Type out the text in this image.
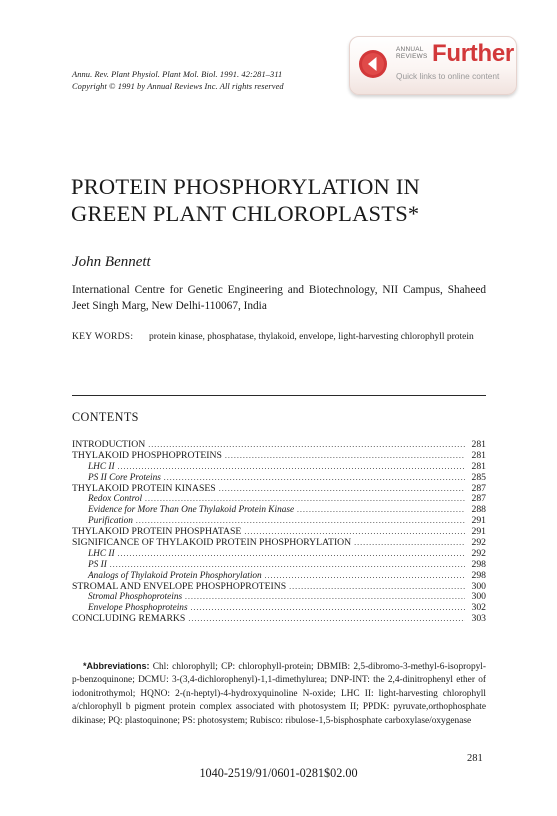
Annu. Rev. Plant Physiol. Plant Mol. Biol. 1991. 42:281–311
Copyright © 1991 by Annual Reviews Inc. All rights reserved
ANNUAL
REVIEWS Further
Quick links to online content
PROTEIN PHOSPHORYLATION IN
GREEN PLANT CHLOROPLASTS*
John Bennett
International Centre for Genetic Engineering and Biotechnology, NII Campus, Shaheed Jeet Singh Marg, New Delhi-110067, India
KEY WORDS: protein kinase, phosphatase, thylakoid, envelope, light-harvesting chlorophyll protein
CONTENTS
INTRODUCTION .....	281
THYLAKOID PHOSPHOPROTEINS .....	281
LHC II .....	281
PS II Core Proteins .....	285
THYLAKOID PROTEIN KINASES .....	287
Redox Control .....	287
Evidence for More Than One Thylakoid Protein Kinase .....	288
Purification .....	291
THYLAKOID PROTEIN PHOSPHATASE .....	291
SIGNIFICANCE OF THYLAKOID PROTEIN PHOSPHORYLATION .....	292
LHC II .....	292
PS II .....	298
Analogs of Thylakoid Protein Phosphorylation .....	298
STROMAL AND ENVELOPE PHOSPHOPROTEINS .....	300
Stromal Phosphoproteins .....	300
Envelope Phosphoproteins .....	302
CONCLUDING REMARKS .....	303

*Abbreviations: Chl: chlorophyll; CP: chlorophyll-protein; DBMIB: 2,5-dibromo-3-methyl-6-isopropyl-p-benzoquinone; DCMU: 3-(3,4-dichlorophenyl)-1,1-dimethylurea; DNP-INT: the 2,4-dinitrophenyl ether of iodonitrothymol; HQNO: 2-(n-heptyl)-4-hydroxyquinoline N-oxide; LHC II: light-harvesting chlorophyll a/chlorophyll b pigment protein complex associated with photosystem II; PPDK: pyruvate,orthophosphate dikinase; PQ: plastoquinone; PS: photosystem; Rubisco: ribulose-1,5-bisphosphate carboxylase/oxygenase

281
1040-2519/91/0601-0281$02.00
